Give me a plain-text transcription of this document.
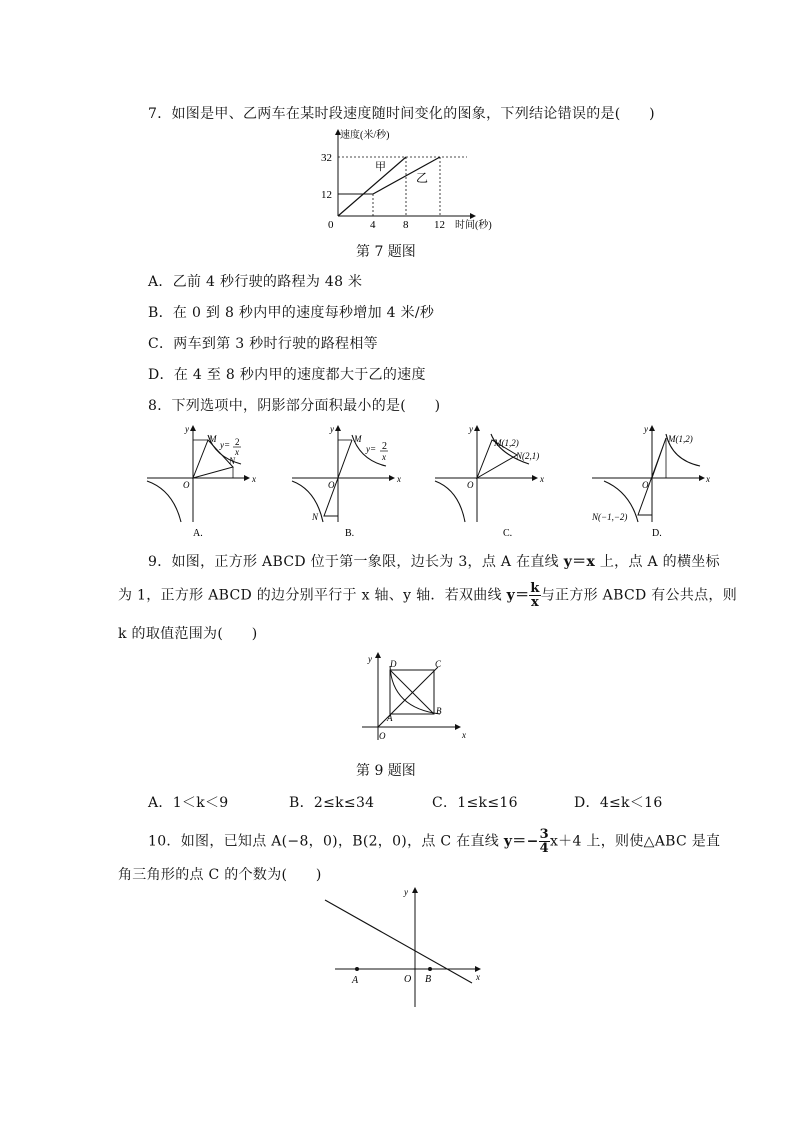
7．如图是甲、乙两车在某时段速度随时间变化的图象，下列结论错误的是(　　)
速度(米/秒)
时间(秒)
32
12
0	4	8 12
甲
乙
第 7 题图
A．乙前 4 秒行驶的路程为 48 米
B．在 0 到 8 秒内甲的速度每秒增加 4 米/秒
C．两车到第 3 秒时行驶的路程相等
D．在 4 至 8 秒内甲的速度都大于乙的速度
8．下列选项中，阴影部分面积最小的是(　　)
x
y
O
M
N
y= 2
x
A.
x
y
O
M
N
y= 2
x
B.
x
y
O
M(1,2)
N(2,1)
C.
x
y
O
M(1,2)
N(−1,−2)
D.
9．如图，正方形 ABCD 位于第一象限，边长为 3，点 A 在直线 y＝x 上，点 A 的横坐标
为 1，正方形 ABCD 的边分别平行于 x 轴、y 轴．若双曲线 $y= \frac{k}{x}$ 与正方形 ABCD 有公共点，则
k 的取值范围为(　　)
x
y
O
D	C
B
A
第 9 题图
A．1＜k＜9	B．2≤k≤34	C．1≤k≤16	D．4≤k＜16
10．如图，已知点 A(−8，0)，B(2，0)，点 C 在直线 $y=- \frac{3}{4} x+4$ 上，则使△ABC 是直
角三角形的点 C 的个数为(　　)
x
y
A	O B
